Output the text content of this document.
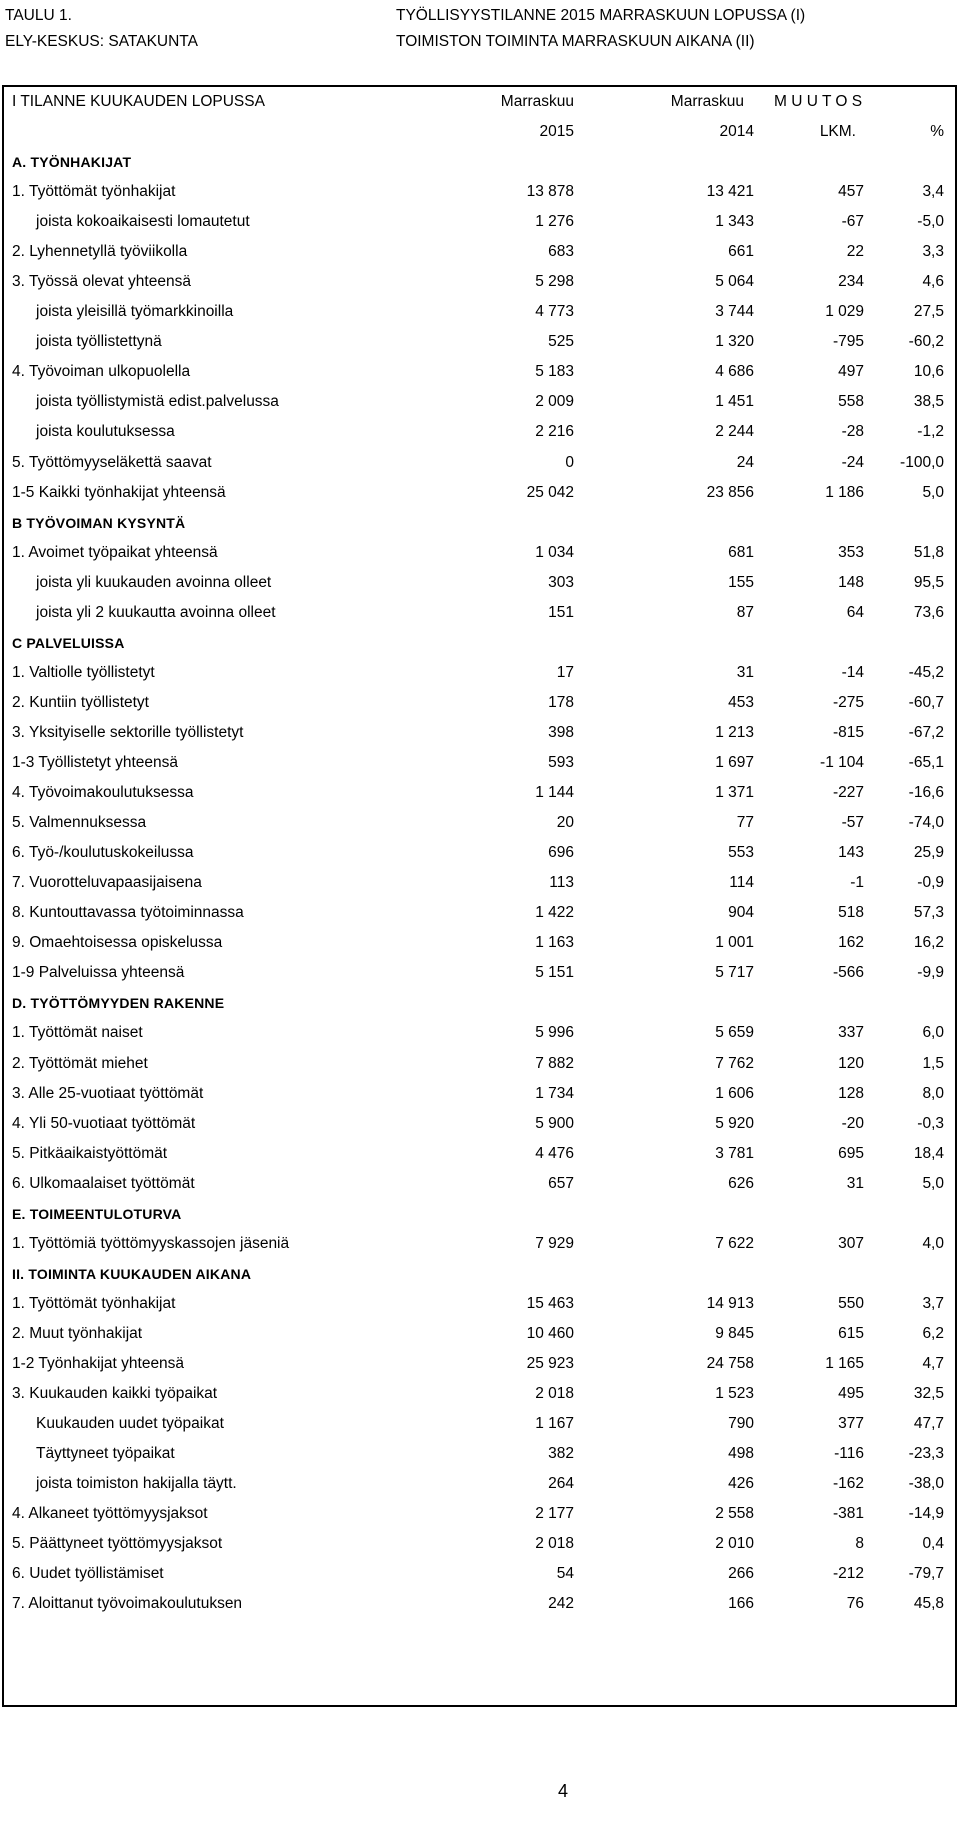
TAULU 1.	TYÖLLISYYSTILANNE 2015 MARRASKUUN LOPUSSA (I)
ELY-KESKUS: SATAKUNTA	TOIMISTON TOIMINTA MARRASKUUN AIKANA (II)
I TILANNE KUUKAUDEN LOPUSSA	Marraskuu	Marraskuu M U U T O S
2015	2014	LKM.	%
A. TYÖNHAKIJAT
1. Työttömät työnhakijat	13 878	13 421	457	3,4
joista kokoaikaisesti lomautetut	1 276	1 343	-67	-5,0
2. Lyhennetyllä työviikolla	683	661	22	3,3
3. Työssä olevat yhteensä	5 298	5 064	234	4,6
joista yleisillä työmarkkinoilla	4 773	3 744	1 029	27,5
joista työllistettynä	525	1 320	-795	-60,2
4. Työvoiman ulkopuolella	5 183	4 686	497	10,6
joista työllistymistä edist.palvelussa	2 009	1 451	558	38,5
joista koulutuksessa	2 216	2 244	-28	-1,2
5. Työttömyyseläkettä saavat	0	24	-24	-100,0
1-5 Kaikki työnhakijat yhteensä	25 042	23 856	1 186	5,0
B TYÖVOIMAN KYSYNTÄ
1. Avoimet työpaikat yhteensä	1 034	681	353	51,8
joista yli kuukauden avoinna olleet	303	155	148	95,5
joista yli 2 kuukautta avoinna olleet	151	87	64	73,6
C PALVELUISSA
1. Valtiolle työllistetyt	17	31	-14	-45,2
2. Kuntiin työllistetyt	178	453	-275	-60,7
3. Yksityiselle sektorille työllistetyt	398	1 213	-815	-67,2
1-3 Työllistetyt yhteensä	593	1 697	-1 104	-65,1
4. Työvoimakoulutuksessa	1 144	1 371	-227	-16,6
5. Valmennuksessa	20	77	-57	-74,0
6. Työ-/koulutuskokeilussa	696	553	143	25,9
7. Vuorotteluvapaasijaisena	113	114	-1	-0,9
8. Kuntouttavassa työtoiminnassa	1 422	904	518	57,3
9. Omaehtoisessa opiskelussa	1 163	1 001	162	16,2
1-9 Palveluissa yhteensä	5 151	5 717	-566	-9,9
D. TYÖTTÖMYYDEN RAKENNE
1. Työttömät naiset	5 996	5 659	337	6,0
2. Työttömät miehet	7 882	7 762	120	1,5
3. Alle 25-vuotiaat työttömät	1 734	1 606	128	8,0
4. Yli 50-vuotiaat työttömät	5 900	5 920	-20	-0,3
5. Pitkäaikaistyöttömät	4 476	3 781	695	18,4
6. Ulkomaalaiset työttömät	657	626	31	5,0
E. TOIMEENTULOTURVA
1. Työttömiä työttömyyskassojen jäseniä	7 929	7 622	307	4,0
II. TOIMINTA KUUKAUDEN AIKANA
1. Työttömät työnhakijat	15 463	14 913	550	3,7
2. Muut työnhakijat	10 460	9 845	615	6,2
1-2 Työnhakijat yhteensä	25 923	24 758	1 165	4,7
3. Kuukauden kaikki työpaikat	2 018	1 523	495	32,5
Kuukauden uudet työpaikat	1 167	790	377	47,7
Täyttyneet työpaikat	382	498	-116	-23,3
joista toimiston hakijalla täytt.	264	426	-162	-38,0
4. Alkaneet työttömyysjaksot	2 177	2 558	-381	-14,9
5. Päättyneet työttömyysjaksot	2 018	2 010	8	0,4
6. Uudet työllistämiset	54	266	-212	-79,7
7. Aloittanut työvoimakoulutuksen	242	166	76	45,8
4
